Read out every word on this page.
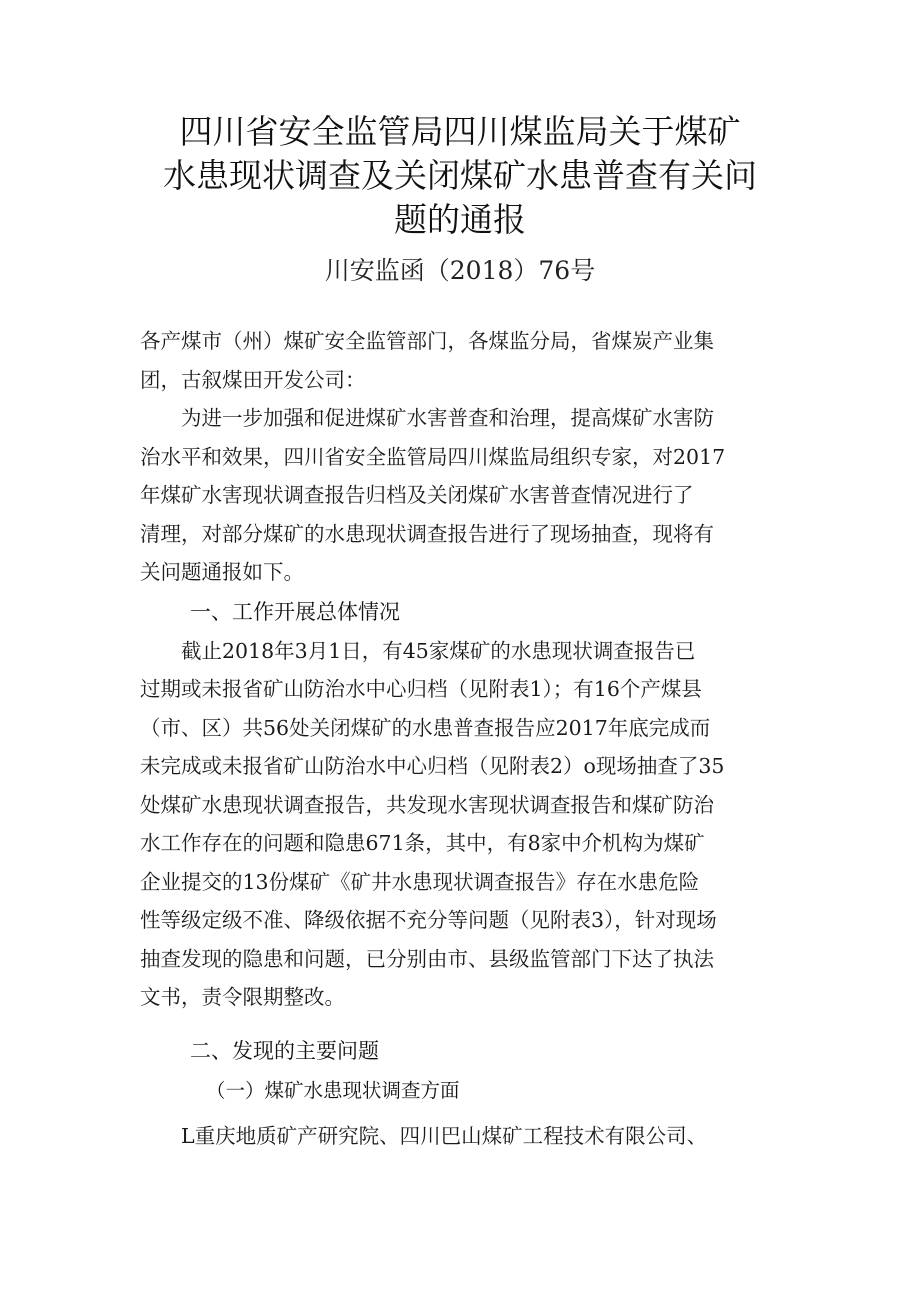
四川省安全监管局四川煤监局关于煤矿
水患现状调查及关闭煤矿水患普查有关问
题的通报
川安监函（2018）76号
各产煤市（州）煤矿安全监管部门，各煤监分局，省煤炭产业集
团，古叙煤田开发公司：
为进一步加强和促进煤矿水害普查和治理，提高煤矿水害防
治水平和效果，四川省安全监管局四川煤监局组织专家，对2017
年煤矿水害现状调查报告归档及关闭煤矿水害普查情况进行了
清理，对部分煤矿的水患现状调查报告进行了现场抽查，现将有
关问题通报如下。
一、工作开展总体情况
截止2018年3月1日，有45家煤矿的水患现状调查报告已
过期或未报省矿山防治水中心归档（见附表1）；有16个产煤县
（市、区）共56处关闭煤矿的水患普查报告应2017年底完成而
未完成或未报省矿山防治水中心归档（见附表2）o现场抽查了35
处煤矿水患现状调查报告，共发现水害现状调查报告和煤矿防治
水工作存在的问题和隐患671条，其中，有8家中介机构为煤矿
企业提交的13份煤矿《矿井水患现状调查报告》存在水患危险
性等级定级不准、降级依据不充分等问题（见附表3），针对现场
抽查发现的隐患和问题，已分别由市、县级监管部门下达了执法
文书，责令限期整改。
二、发现的主要问题
（一）煤矿水患现状调查方面
L重庆地质矿产研究院、四川巴山煤矿工程技术有限公司、
